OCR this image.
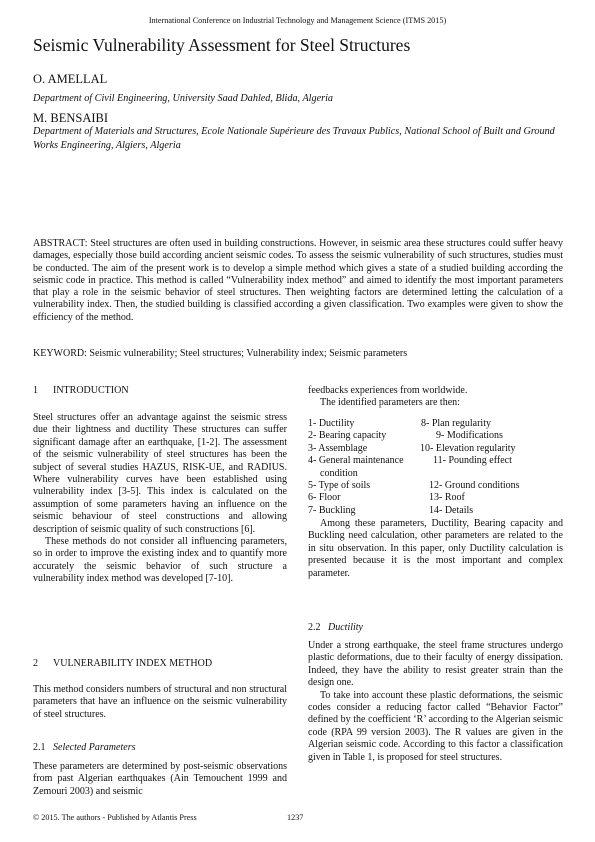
International Conference on Industrial Technology and Management Science (ITMS 2015)
Seismic Vulnerability Assessment for Steel Structures
O. AMELLAL
Department of Civil Engineering, University Saad Dahled, Blida, Algeria
M. BENSAIBI
Department of Materials and Structures, Ecole Nationale Supérieure des Travaux Publics, National School of Built and Ground Works Engineering, Algiers, Algeria
ABSTRACT: Steel structures are often used in building constructions. However, in seismic area these structures could suffer heavy damages, especially those build according ancient seismic codes. To assess the seismic vulnerability of such structures, studies must be conducted. The aim of the present work is to develop a simple method which gives a state of a studied building according the seismic code in practice. This method is called “Vulnerability index method” and aimed to identify the most important parameters that play a role in the seismic behavior of steel structures. Then weighting factors are determined letting the calculation of a vulnerability index. Then, the studied building is classified according a given classification. Two examples were given to show the efficiency of the method.
KEYWORD: Seismic vulnerability; Steel structures; Vulnerability index; Seismic parameters
1 INTRODUCTION

Steel structures offer an advantage against the seismic stress due their lightness and ductility These structures can suffer significant damage after an earthquake, [1-2]. The assessment of the seismic vulnerability of steel structures has been the subject of several studies HAZUS, RISK-UE, and RADIUS. Where vulnerability curves have been established using vulnerability index [3-5]. This index is calculated on the assumption of some parameters having an influence on the seismic behaviour of steel constructions and allowing description of seismic quality of such constructions [6].

These methods do not consider all influencing parameters, so in order to improve the existing index and to quantify more accurately the seismic behavior of such structure a vulnerability index method was developed [7-10].

2 VULNERABILITY INDEX METHOD
This method considers numbers of structural and non structural parameters that have an influence on the seismic vulnerability of steel structures.
2.1 Selected Parameters
These parameters are determined by post-seismic observations from past Algerian earthquakes (Ain Temouchent 1999 and Zemouri 2003) and seismic

feedbacks experiences from worldwide.

The identified parameters are then:

1- Ductility	8- Plan regularity
2- Bearing capacity	9- Modifications
3- Assemblage	10- Elevation regularity
4- General maintenance	11- Pounding effect
condition
5- Type of soils	12- Ground conditions
6- Floor	13- Roof
7- Buckling	14- Details

Among these parameters, Ductility, Bearing capacity and Buckling need calculation, other parameters are related to the in situ observation. In this paper, only Ductility calculation is presented because it is the most important and complex parameter.

2.2 Ductility

Under a strong earthquake, the steel frame structures undergo plastic deformations, due to their faculty of energy dissipation. Indeed, they have the ability to resist greater strain than the design one.

To take into account these plastic deformations, the seismic codes consider a reducing factor called “Behavior Factor” defined by the coefficient ‘R’ according to the Algerian seismic code (RPA 99 version 2003). The R values are given in the Algerian seismic code. According to this factor a classification given in Table 1, is proposed for steel structures.

© 2015. The authors - Published by Atlantis Press	1237
